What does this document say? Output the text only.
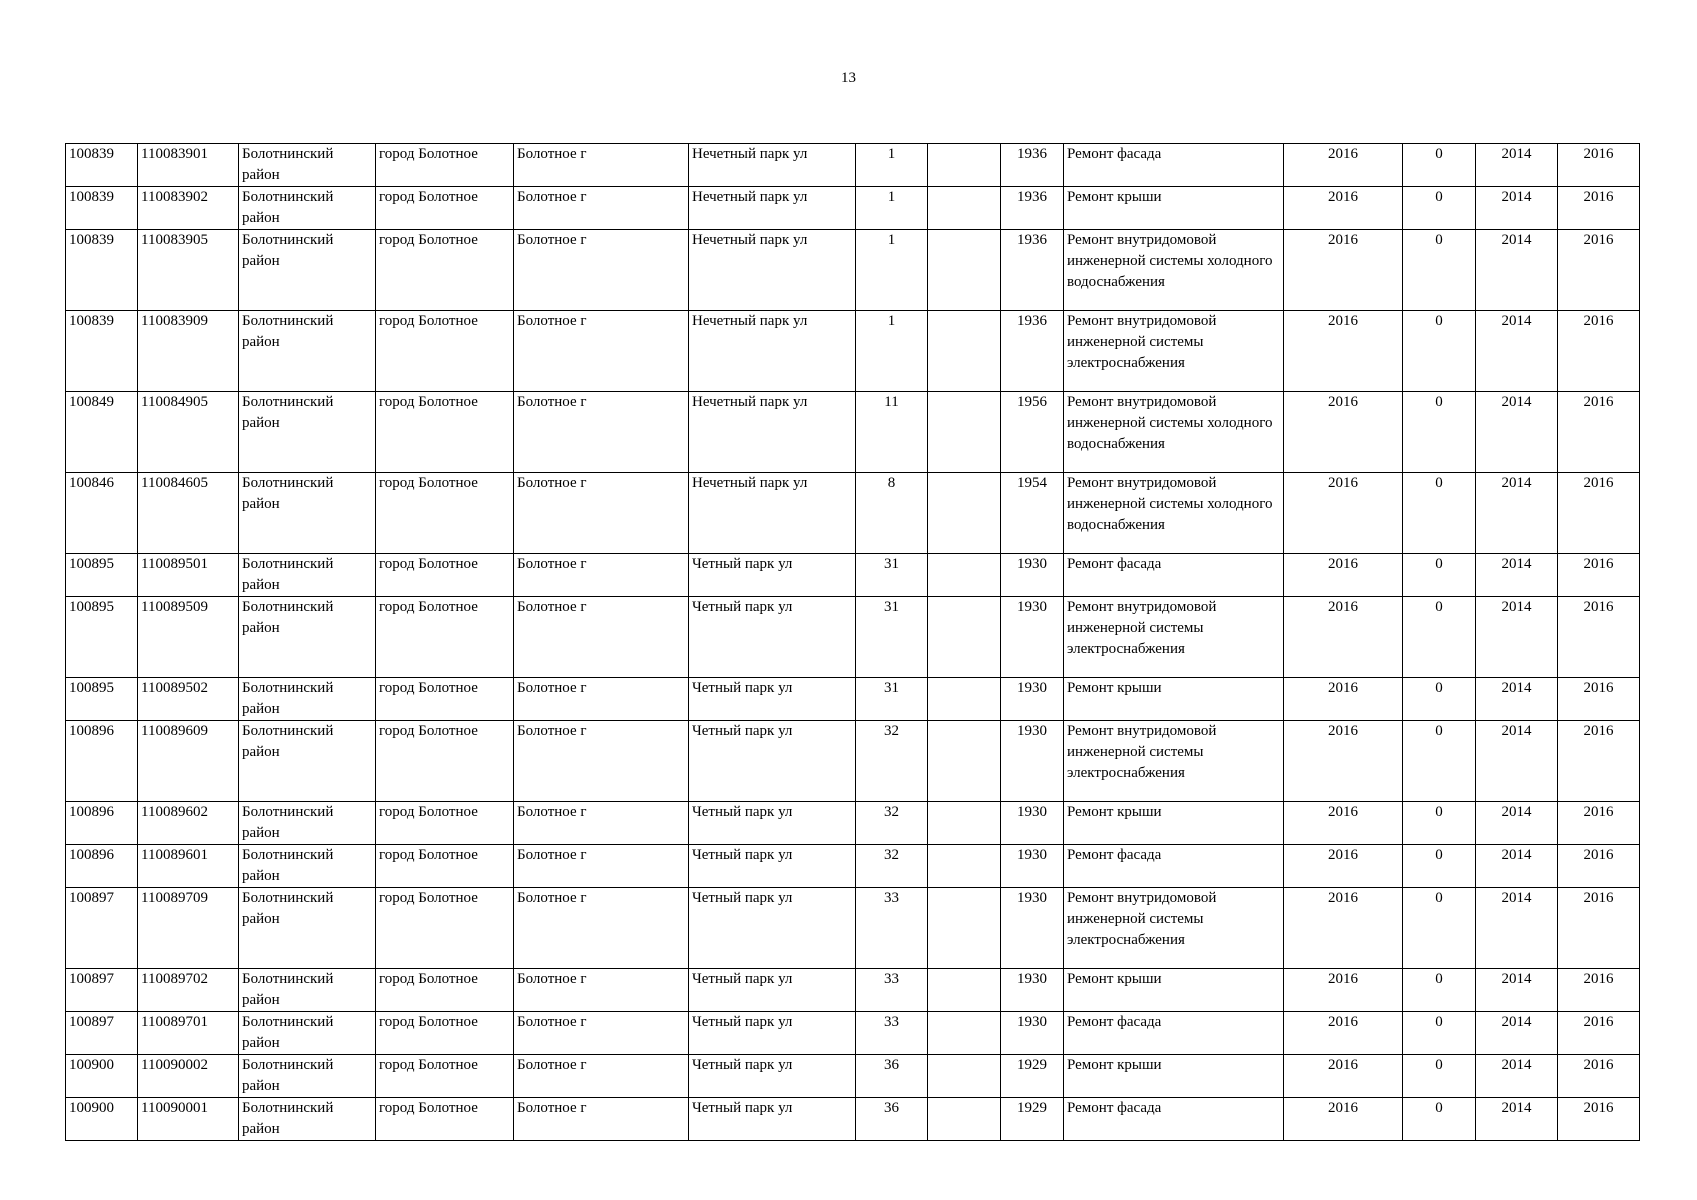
13
100839	110083901	Болотнинский район	город Болотное	Болотное г	Нечетный парк ул	1		1936	Ремонт фасада	2016	0	2014	2016
100839	110083902	Болотнинский район	город Болотное	Болотное г	Нечетный парк ул	1		1936	Ремонт крыши	2016	0	2014	2016
100839	110083905	Болотнинский район	город Болотное	Болотное г	Нечетный парк ул	1		1936	Ремонт внутридомовой инженерной системы холодного водоснабжения	2016	0	2014	2016
100839	110083909	Болотнинский район	город Болотное	Болотное г	Нечетный парк ул	1		1936	Ремонт внутридомовой инженерной системы электроснабжения	2016	0	2014	2016
100849	110084905	Болотнинский район	город Болотное	Болотное г	Нечетный парк ул	11		1956	Ремонт внутридомовой инженерной системы холодного водоснабжения	2016	0	2014	2016
100846	110084605	Болотнинский район	город Болотное	Болотное г	Нечетный парк ул	8		1954	Ремонт внутридомовой инженерной системы холодного водоснабжения	2016	0	2014	2016
100895	110089501	Болотнинский район	город Болотное	Болотное г	Четный парк ул	31		1930	Ремонт фасада	2016	0	2014	2016
100895	110089509	Болотнинский район	город Болотное	Болотное г	Четный парк ул	31		1930	Ремонт внутридомовой инженерной системы электроснабжения	2016	0	2014	2016
100895	110089502	Болотнинский район	город Болотное	Болотное г	Четный парк ул	31		1930	Ремонт крыши	2016	0	2014	2016
100896	110089609	Болотнинский район	город Болотное	Болотное г	Четный парк ул	32		1930	Ремонт внутридомовой инженерной системы электроснабжения	2016	0	2014	2016
100896	110089602	Болотнинский район	город Болотное	Болотное г	Четный парк ул	32		1930	Ремонт крыши	2016	0	2014	2016
100896	110089601	Болотнинский район	город Болотное	Болотное г	Четный парк ул	32		1930	Ремонт фасада	2016	0	2014	2016
100897	110089709	Болотнинский район	город Болотное	Болотное г	Четный парк ул	33		1930	Ремонт внутридомовой инженерной системы электроснабжения	2016	0	2014	2016
100897	110089702	Болотнинский район	город Болотное	Болотное г	Четный парк ул	33		1930	Ремонт крыши	2016	0	2014	2016
100897	110089701	Болотнинский район	город Болотное	Болотное г	Четный парк ул	33		1930	Ремонт фасада	2016	0	2014	2016
100900	110090002	Болотнинский район	город Болотное	Болотное г	Четный парк ул	36		1929	Ремонт крыши	2016	0	2014	2016
100900	110090001	Болотнинский район	город Болотное	Болотное г	Четный парк ул	36		1929	Ремонт фасада	2016	0	2014	2016
